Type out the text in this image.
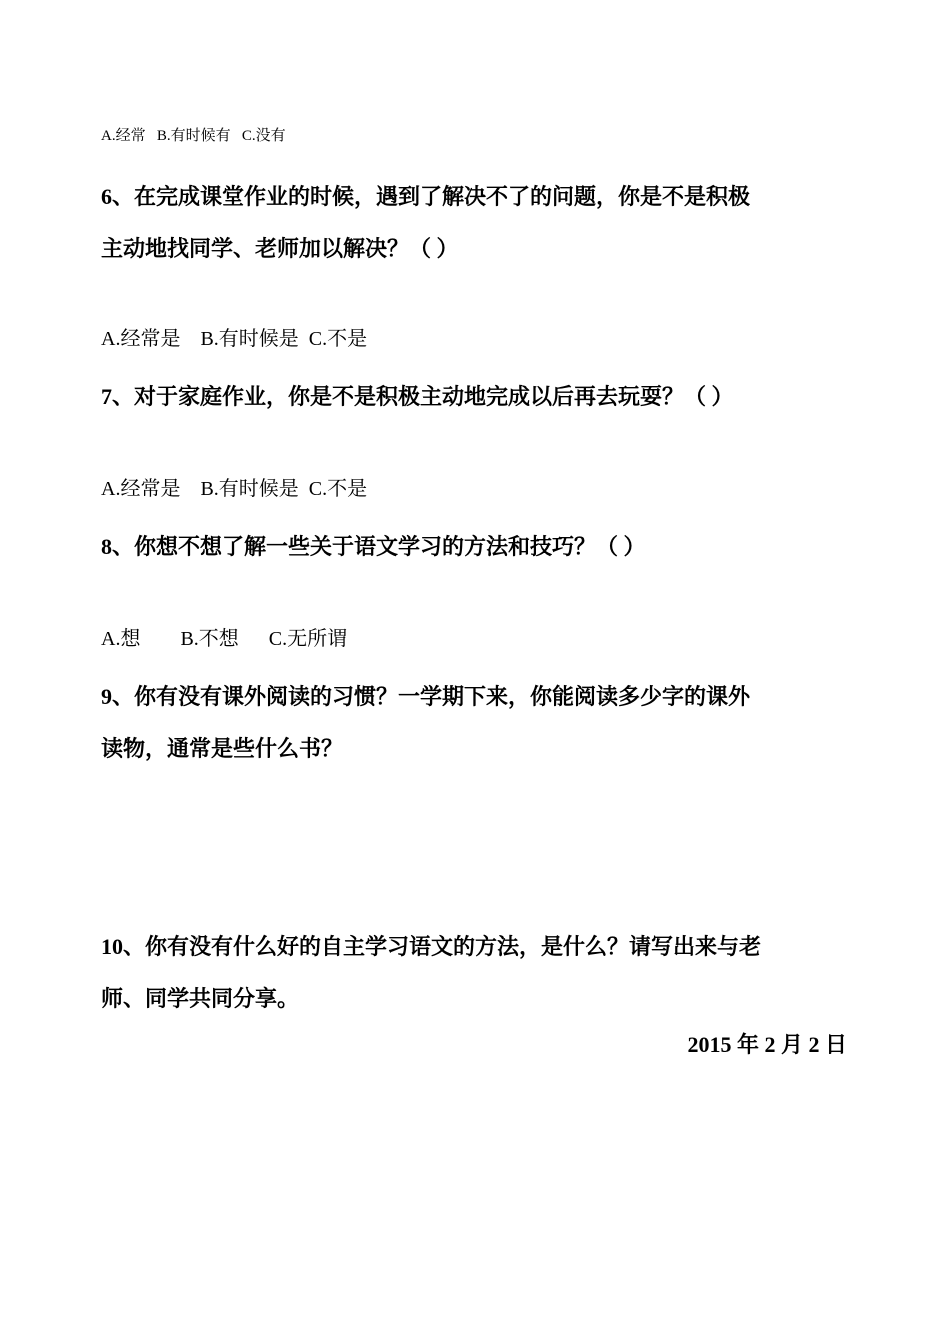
A.经常   B.有时候有   C.没有
6、在完成课堂作业的时候，遇到了解决不了的问题，你是不是积极
主动地找同学、老师加以解决？（ ）
A.经常是    B.有时候是  C.不是
7、对于家庭作业，你是不是积极主动地完成以后再去玩耍？（ ）
A.经常是    B.有时候是  C.不是
8、你想不想了解一些关于语文学习的方法和技巧？（ ）
A.想        B.不想      C.无所谓
9、你有没有课外阅读的习惯？一学期下来，你能阅读多少字的课外
读物，通常是些什么书？
10、你有没有什么好的自主学习语文的方法，是什么？请写出来与老
师、同学共同分享。
2015 年 2 月 2 日
